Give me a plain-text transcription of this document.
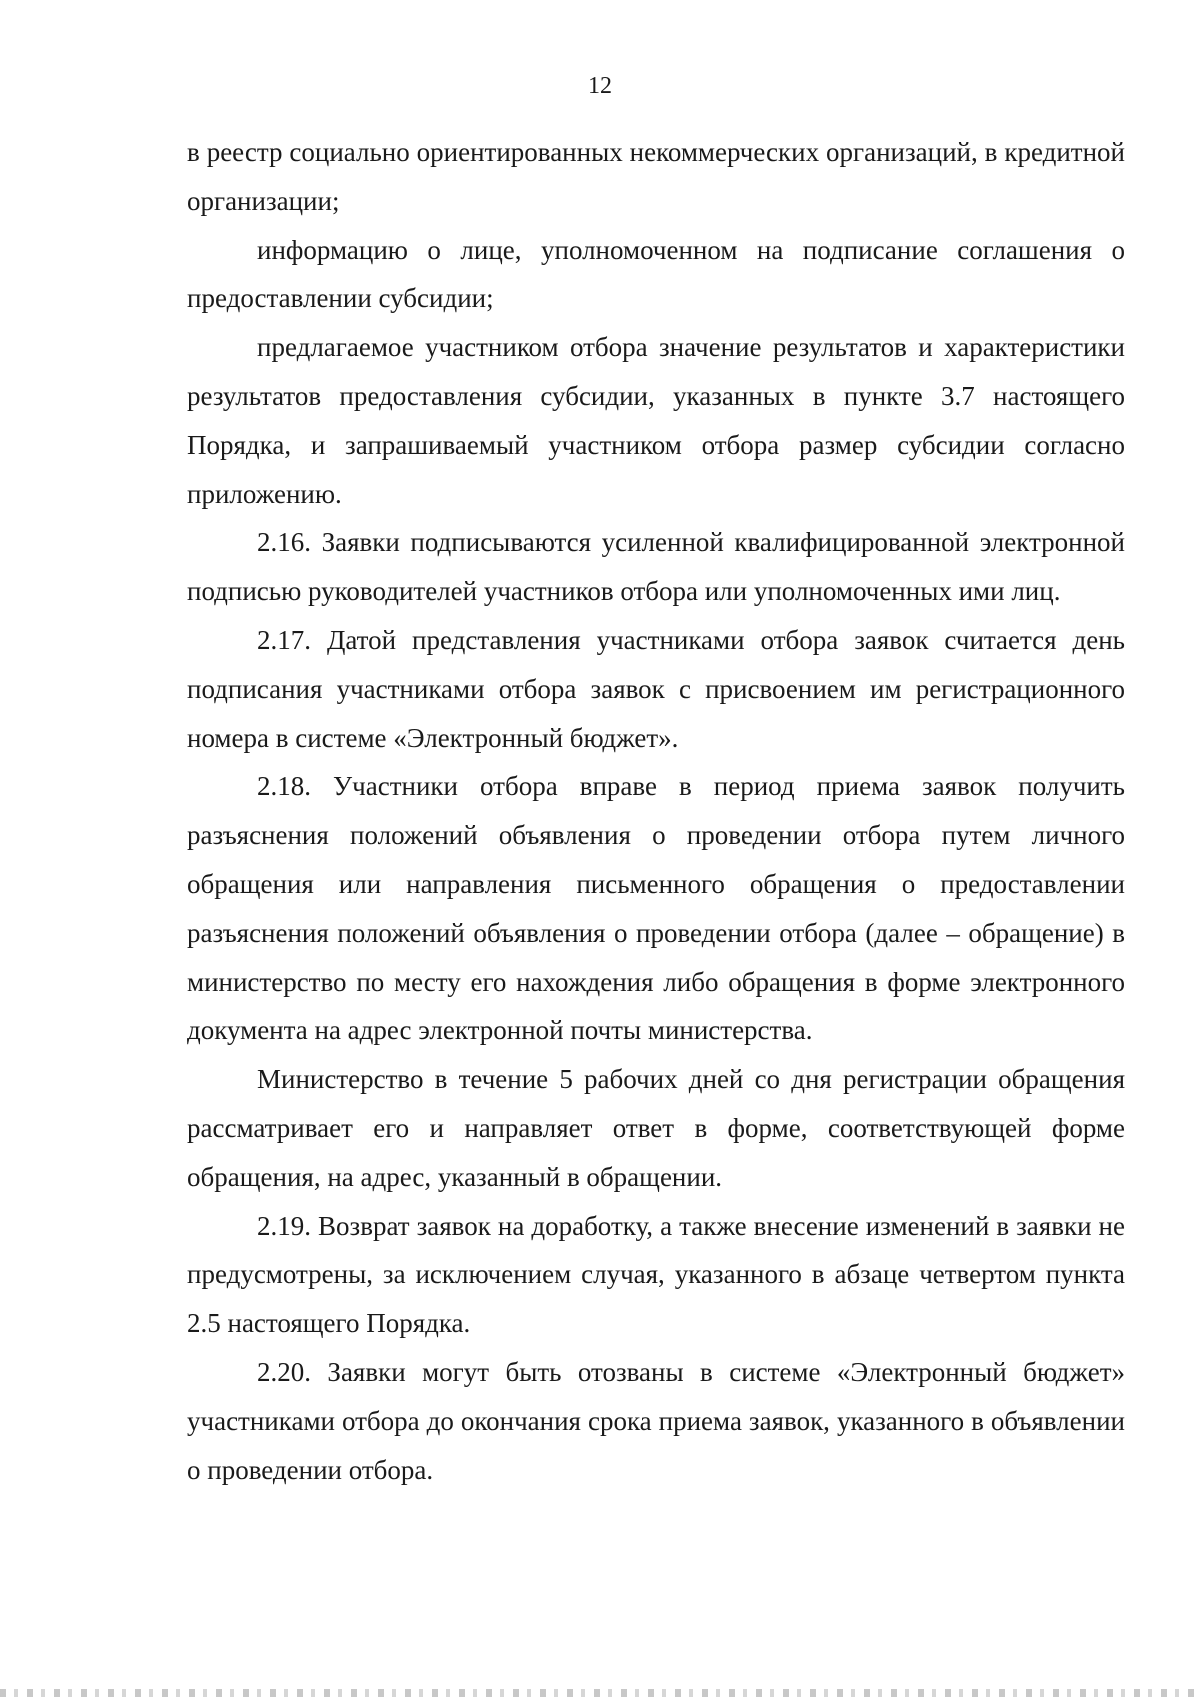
12

в реестр социально ориентированных некоммерческих организаций, в кредитной организации;

информацию о лице, уполномоченном на подписание соглашения о предоставлении субсидии;

предлагаемое участником отбора значение результатов и характеристики результатов предоставления субсидии, указанных в пункте 3.7 настоящего Порядка, и запрашиваемый участником отбора размер субсидии согласно приложению.

2.16. Заявки подписываются усиленной квалифицированной электронной подписью руководителей участников отбора или уполномоченных ими лиц.

2.17. Датой представления участниками отбора заявок считается день подписания участниками отбора заявок с присвоением им регистрационного номера в системе «Электронный бюджет».

2.18. Участники отбора вправе в период приема заявок получить разъяснения положений объявления о проведении отбора путем личного обращения или направления письменного обращения о предоставлении разъяснения положений объявления о проведении отбора (далее – обращение) в министерство по месту его нахождения либо обращения в форме электронного документа на адрес электронной почты министерства.

Министерство в течение 5 рабочих дней со дня регистрации обращения рассматривает его и направляет ответ в форме, соответствующей форме обращения, на адрес, указанный в обращении.

2.19. Возврат заявок на доработку, а также внесение изменений в заявки не предусмотрены, за исключением случая, указанного в абзаце четвертом пункта 2.5 настоящего Порядка.

2.20. Заявки могут быть отозваны в системе «Электронный бюджет» участниками отбора до окончания срока приема заявок, указанного в объявлении о проведении отбора.
